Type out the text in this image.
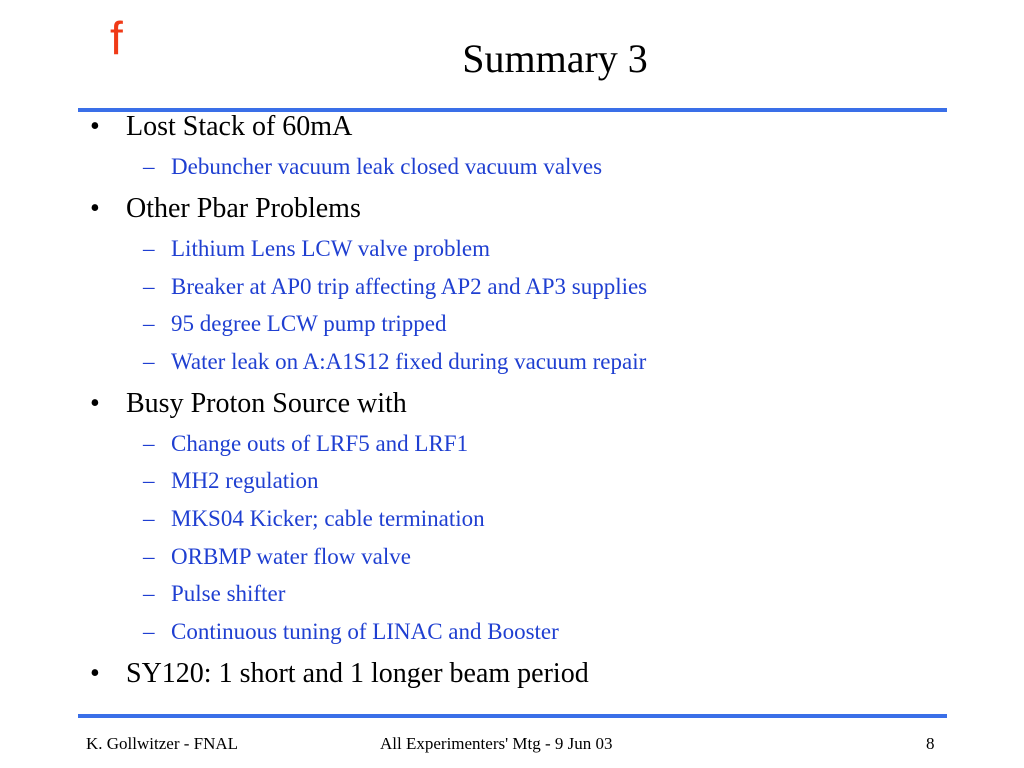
f	Summary 3
• Lost Stack of 60mA
– Debuncher vacuum leak closed vacuum valves
• Other Pbar Problems
– Lithium Lens LCW valve problem
– Breaker at AP0 trip affecting AP2 and AP3 supplies
– 95 degree LCW pump tripped
– Water leak on A:A1S12 fixed during vacuum repair
• Busy Proton Source with
– Change outs of LRF5 and LRF1
– MH2 regulation
– MKS04 Kicker; cable termination
– ORBMP water flow valve
– Pulse shifter
– Continuous tuning of LINAC and Booster
• SY120: 1 short and 1 longer beam period
K. Gollwitzer - FNAL	All Experimenters' Mtg - 9 Jun 03	8
